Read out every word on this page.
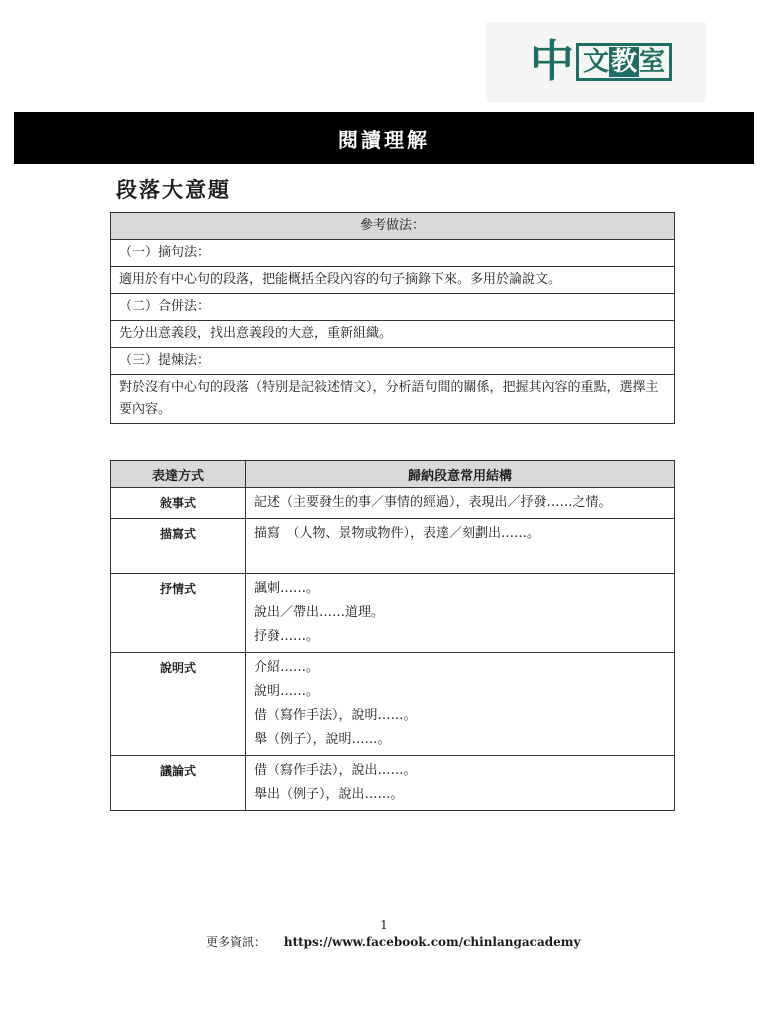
中 文 教 室
閱讀理解
段落大意題
參考做法：
（一）摘句法：
適用於有中心句的段落，把能概括全段內容的句子摘錄下來。多用於論說文。
（二）合併法：
先分出意義段，找出意義段的大意，重新組織。
（三）提煉法：
對於沒有中心句的段落（特別是記敍述情文），分析語句間的關係，把握其內容的重點，選擇主要內容。
表達方式	歸納段意常用結構
敍事式	記述（主要發生的事／事情的經過），表現出／抒發……之情。

描寫式	描寫　（人物、景物或物件），表達／刻劃出……。

抒情式	諷刺……。
說出／帶出……道理。
抒發……。

說明式	介紹……。
說明……。
借（寫作手法），說明……。
舉（例子），說明……。

議論式	借（寫作手法），說出……。
舉出（例子），說出……。
1
更多資訊： https://www.facebook.com/chinlangacademy
